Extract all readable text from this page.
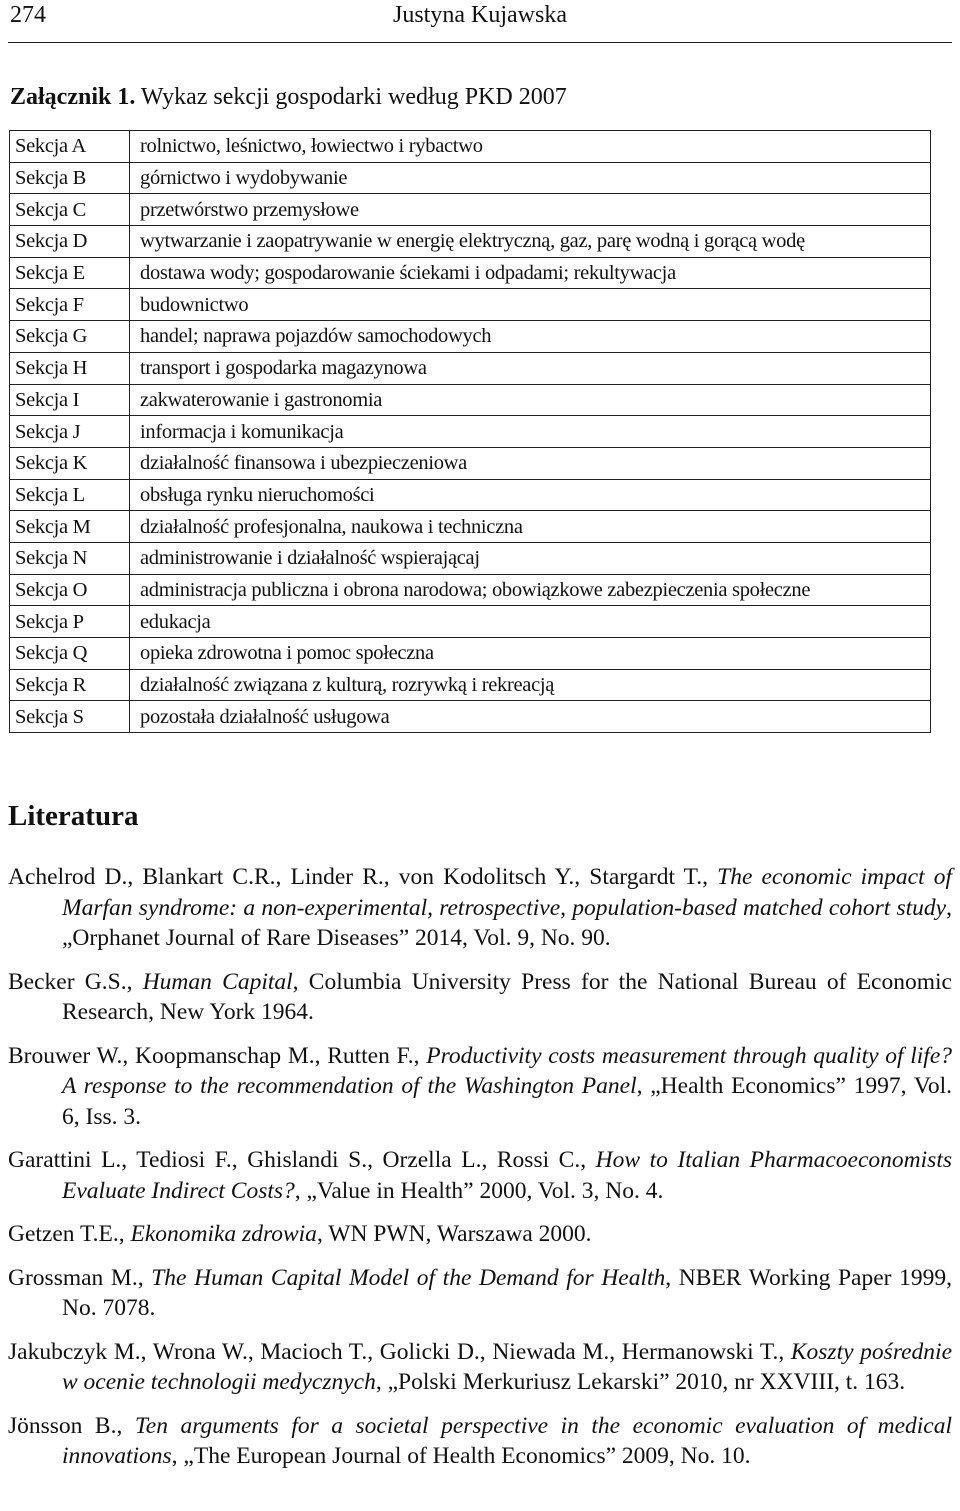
274	Justyna Kujawska
Załącznik 1. Wykaz sekcji gospodarki według PKD 2007
Sekcja A	rolnictwo, leśnictwo, łowiectwo i rybactwo
Sekcja B	górnictwo i wydobywanie
Sekcja C	przetwórstwo przemysłowe
Sekcja D	wytwarzanie i zaopatrywanie w energię elektryczną, gaz, parę wodną i gorącą wodę
Sekcja E	dostawa wody; gospodarowanie ściekami i odpadami; rekultywacja
Sekcja F	budownictwo
Sekcja G	handel; naprawa pojazdów samochodowych
Sekcja H	transport i gospodarka magazynowa
Sekcja I	zakwaterowanie i gastronomia
Sekcja J	informacja i komunikacja
Sekcja K	działalność finansowa i ubezpieczeniowa
Sekcja L	obsługa rynku nieruchomości
Sekcja M	działalność profesjonalna, naukowa i techniczna
Sekcja N	administrowanie i działalność wspierającaj
Sekcja O	administracja publiczna i obrona narodowa; obowiązkowe zabezpieczenia społeczne
Sekcja P	edukacja
Sekcja Q	opieka zdrowotna i pomoc społeczna
Sekcja R	działalność związana z kulturą, rozrywką i rekreacją
Sekcja S	pozostała działalność usługowa
Literatura
Achelrod D., Blankart C.R., Linder R., von Kodolitsch Y., Stargardt T., The economic impact of Marfan syndrome: a non-experimental, retrospective, population-based matched cohort study, „Orphanet Journal of Rare Diseases” 2014, Vol. 9, No. 90.
Becker G.S., Human Capital, Columbia University Press for the National Bureau of Economic Research, New York 1964.
Brouwer W., Koopmanschap M., Rutten F., Productivity costs measurement through quality of life? A response to the recommendation of the Washington Panel, „Health Economics” 1997, Vol. 6, Iss. 3.
Garattini L., Tediosi F., Ghislandi S., Orzella L., Rossi C., How to Italian Pharmacoeconomists Evaluate Indirect Costs?, „Value in Health” 2000, Vol. 3, No. 4.
Getzen T.E., Ekonomika zdrowia, WN PWN, Warszawa 2000.
Grossman M., The Human Capital Model of the Demand for Health, NBER Working Paper 1999, No. 7078.
Jakubczyk M., Wrona W., Macioch T., Golicki D., Niewada M., Hermanowski T., Koszty pośrednie w ocenie technologii medycznych, „Polski Merkuriusz Lekarski” 2010, nr XXVIII, t. 163.
Jönsson B., Ten arguments for a societal perspective in the economic evaluation of medical innovations, „The European Journal of Health Economics” 2009, No. 10.
